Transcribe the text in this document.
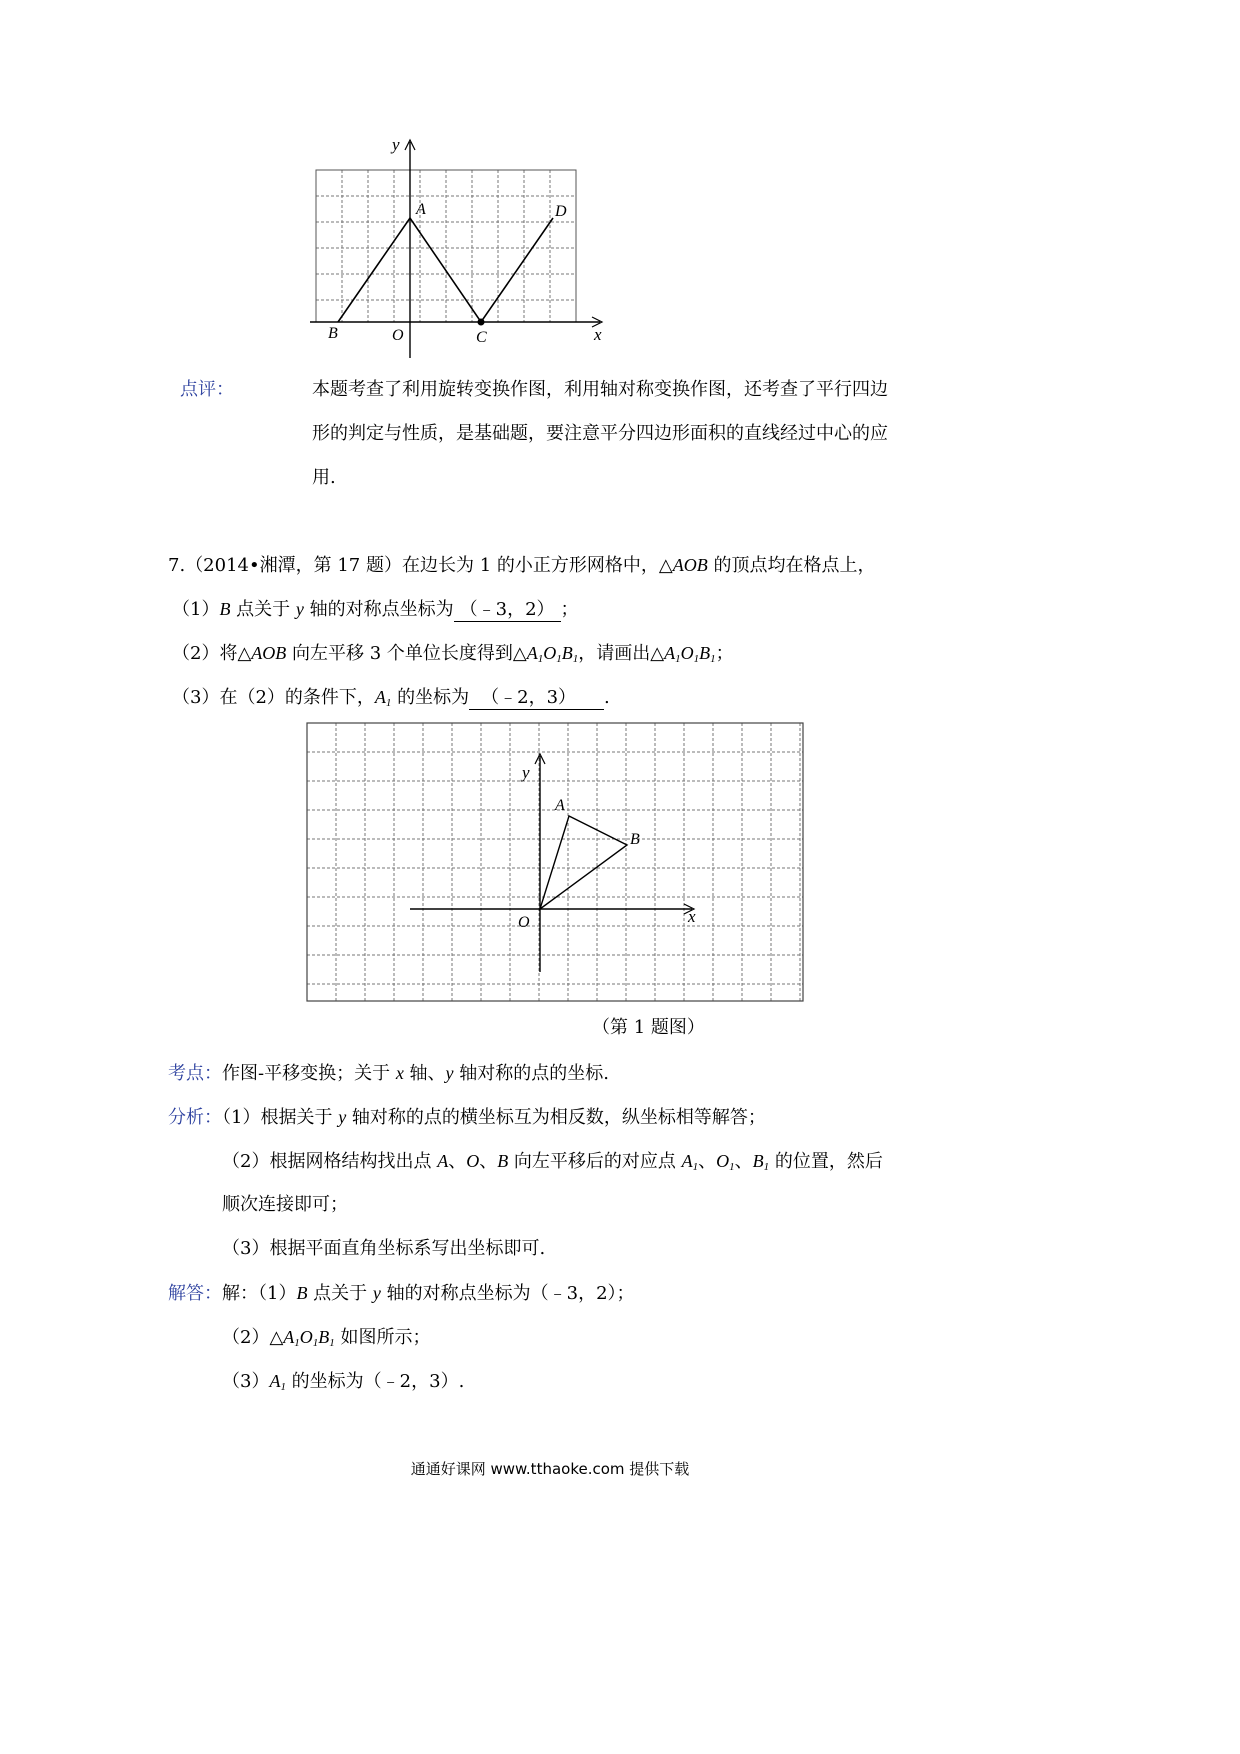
y
x
A	D
B	O	C
点评：	本题考查了利用旋转变换作图，利用轴对称变换作图，还考查了平行四边
形的判定与性质，是基础题，要注意平分四边形面积的直线经过中心的应
用.
7.（2014•湘潭，第 17 题）在边长为 1 的小正方形网格中，△AOB 的顶点均在格点上，
（1）B 点关于 y 轴的对称点坐标为 （﹣3，2） ；
（2）将△AOB 向左平移 3 个单位长度得到$\triangle A_1O_1B_1$，请画出$\triangle A_1O_1B_1$；
（3）在（2）的条件下，$A_1$ 的坐标为 （﹣2，3） .
y
x
A
B
O
（第 1 题图）
考点：作图-平移变换；关于 x 轴、y 轴对称的点的坐标.
分析：（1）根据关于 y 轴对称的点的横坐标互为相反数，纵坐标相等解答；
（2）根据网格结构找出点 A、O、B 向左平移后的对应点 $A_1$、$O_1$、$B_1$ 的位置，然后
顺次连接即可；
（3）根据平面直角坐标系写出坐标即可.
解答：解：（1）B 点关于 y 轴的对称点坐标为（﹣3，2）；
$(2)\triangle A_1O_1B_1$ 如图所示；
$(3)A_1$ 的坐标为（﹣2，3）.
通通好课网 www.tthaoke.com 提供下载
